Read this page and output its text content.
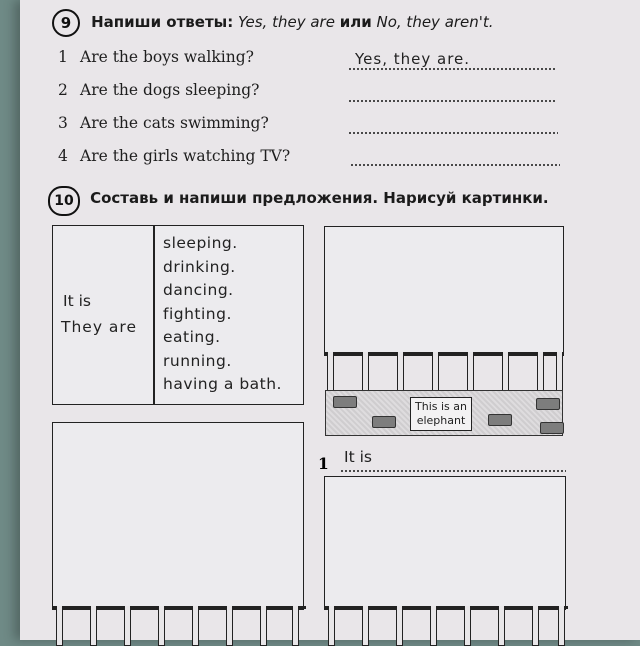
9 Напиши ответы: Yes, they are или No, they aren't.
1 Are the boys walking?	Yes, they are.
2 Are the dogs sleeping?
3 Are the cats swimming?
4 Are the girls watching TV?
10 Составь и напиши предложения. Нарисуй картинки.
It is
They are
sleeping.
drinking.
dancing.
fighting.
eating.
running.
having a bath.
This is an
elephant
1 It is
